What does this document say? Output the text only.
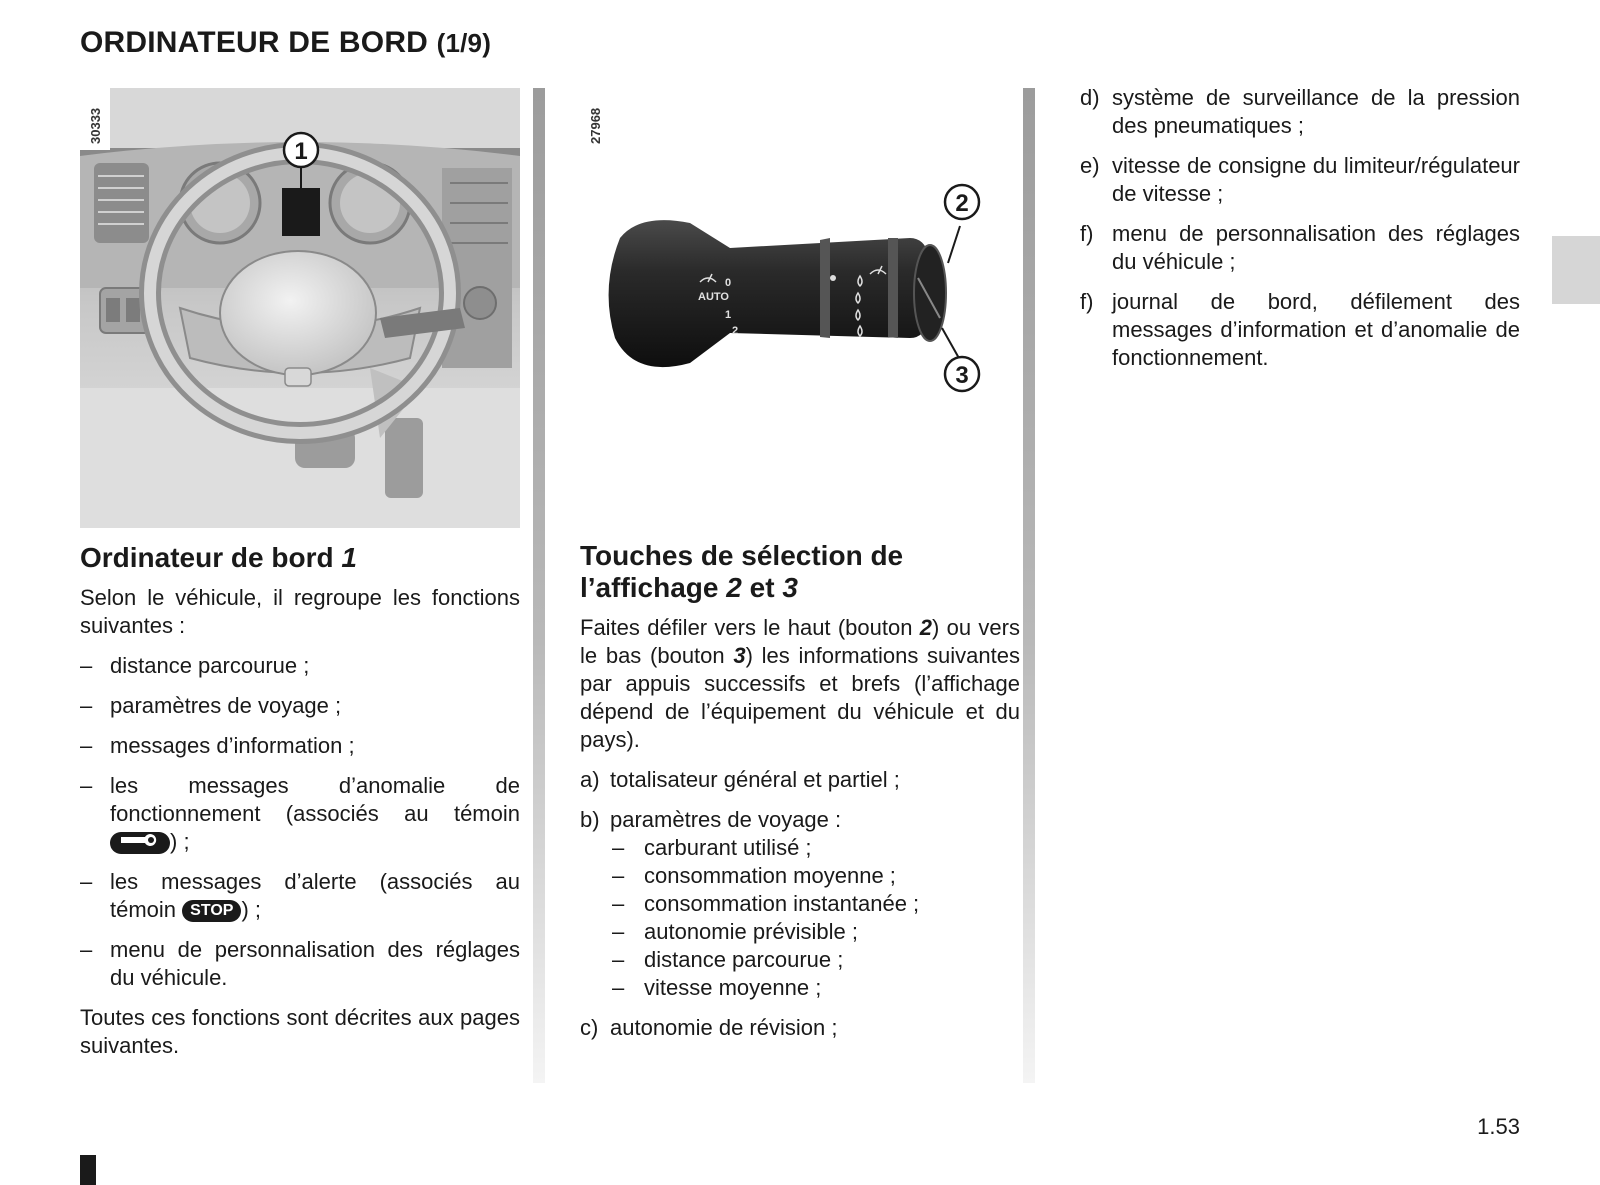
ORDINATEUR DE BORD (1/9)
1
30333
Ordinateur de bord 1

Selon le véhicule, il regroupe les fonctions suivantes :

– distance parcourue ;
– paramètres de voyage ;
– messages d’information ;
– les messages d’anomalie de fonctionnement (associés au témoin ) ;
– les messages d’alerte (associés au témoin STOP ) ;
– menu de personnalisation des réglages du véhicule.

Toutes ces fonctions sont décrites aux pages suivantes.

AUTO
0
1
2
2
3
27968
Touches de sélection de
l’affichage 2 et 3

Faites défiler vers le haut (bouton 2) ou vers le bas (bouton 3) les informations suivantes par appuis successifs et brefs (l’affichage dépend de l’équipement du véhicule et du pays).

a) totalisateur général et partiel ;
b) paramètres de voyage :
– carburant utilisé ;
– consommation moyenne ;
– consommation instantanée ;
– autonomie prévisible ;
– distance parcourue ;
– vitesse moyenne ;
c) autonomie de révision ;
d) système de surveillance de la pression des pneumatiques ;
e) vitesse de consigne du limiteur/régulateur de vitesse ;
f) menu de personnalisation des réglages du véhicule ;
f) journal de bord, défilement des messages d’information et d’anomalie de fonctionnement.
1.53
